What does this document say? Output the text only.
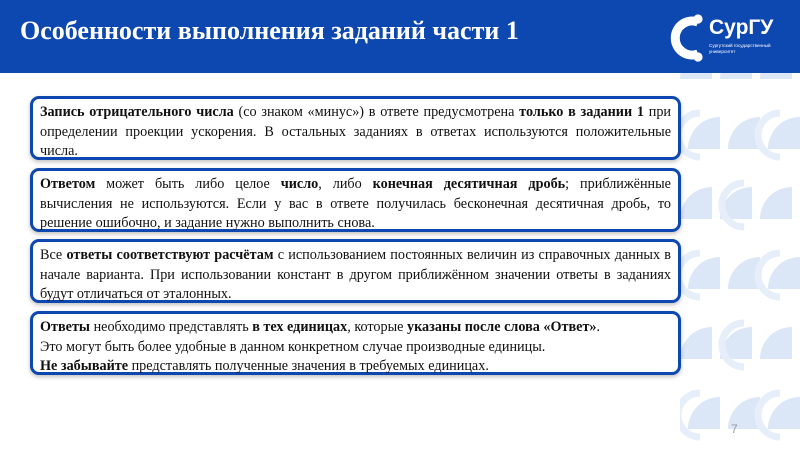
Особенности выполнения заданий части 1	СурГУ
Сургутский государственный университет
Запись отрицательного числа (со знаком «минус») в ответе предусмотрена только в задании 1 при определении проекции ускорения. В остальных заданиях в ответах используются положительные числа.
Ответом может быть либо целое число, либо конечная десятичная дробь; приближённые вычисления не используются. Если у вас в ответе получилась бесконечная десятичная дробь, то решение ошибочно, и задание нужно выполнить снова.
Все ответы соответствуют расчётам с использованием постоянных величин из справочных данных в начале варианта. При использовании констант в другом приближённом значении ответы в заданиях будут отличаться от эталонных.
Ответы необходимо представлять в тех единицах, которые указаны после слова «Ответ».
Это могут быть более удобные в данном конкретном случае производные единицы.
Не забывайте представлять полученные значения в требуемых единицах.
7
